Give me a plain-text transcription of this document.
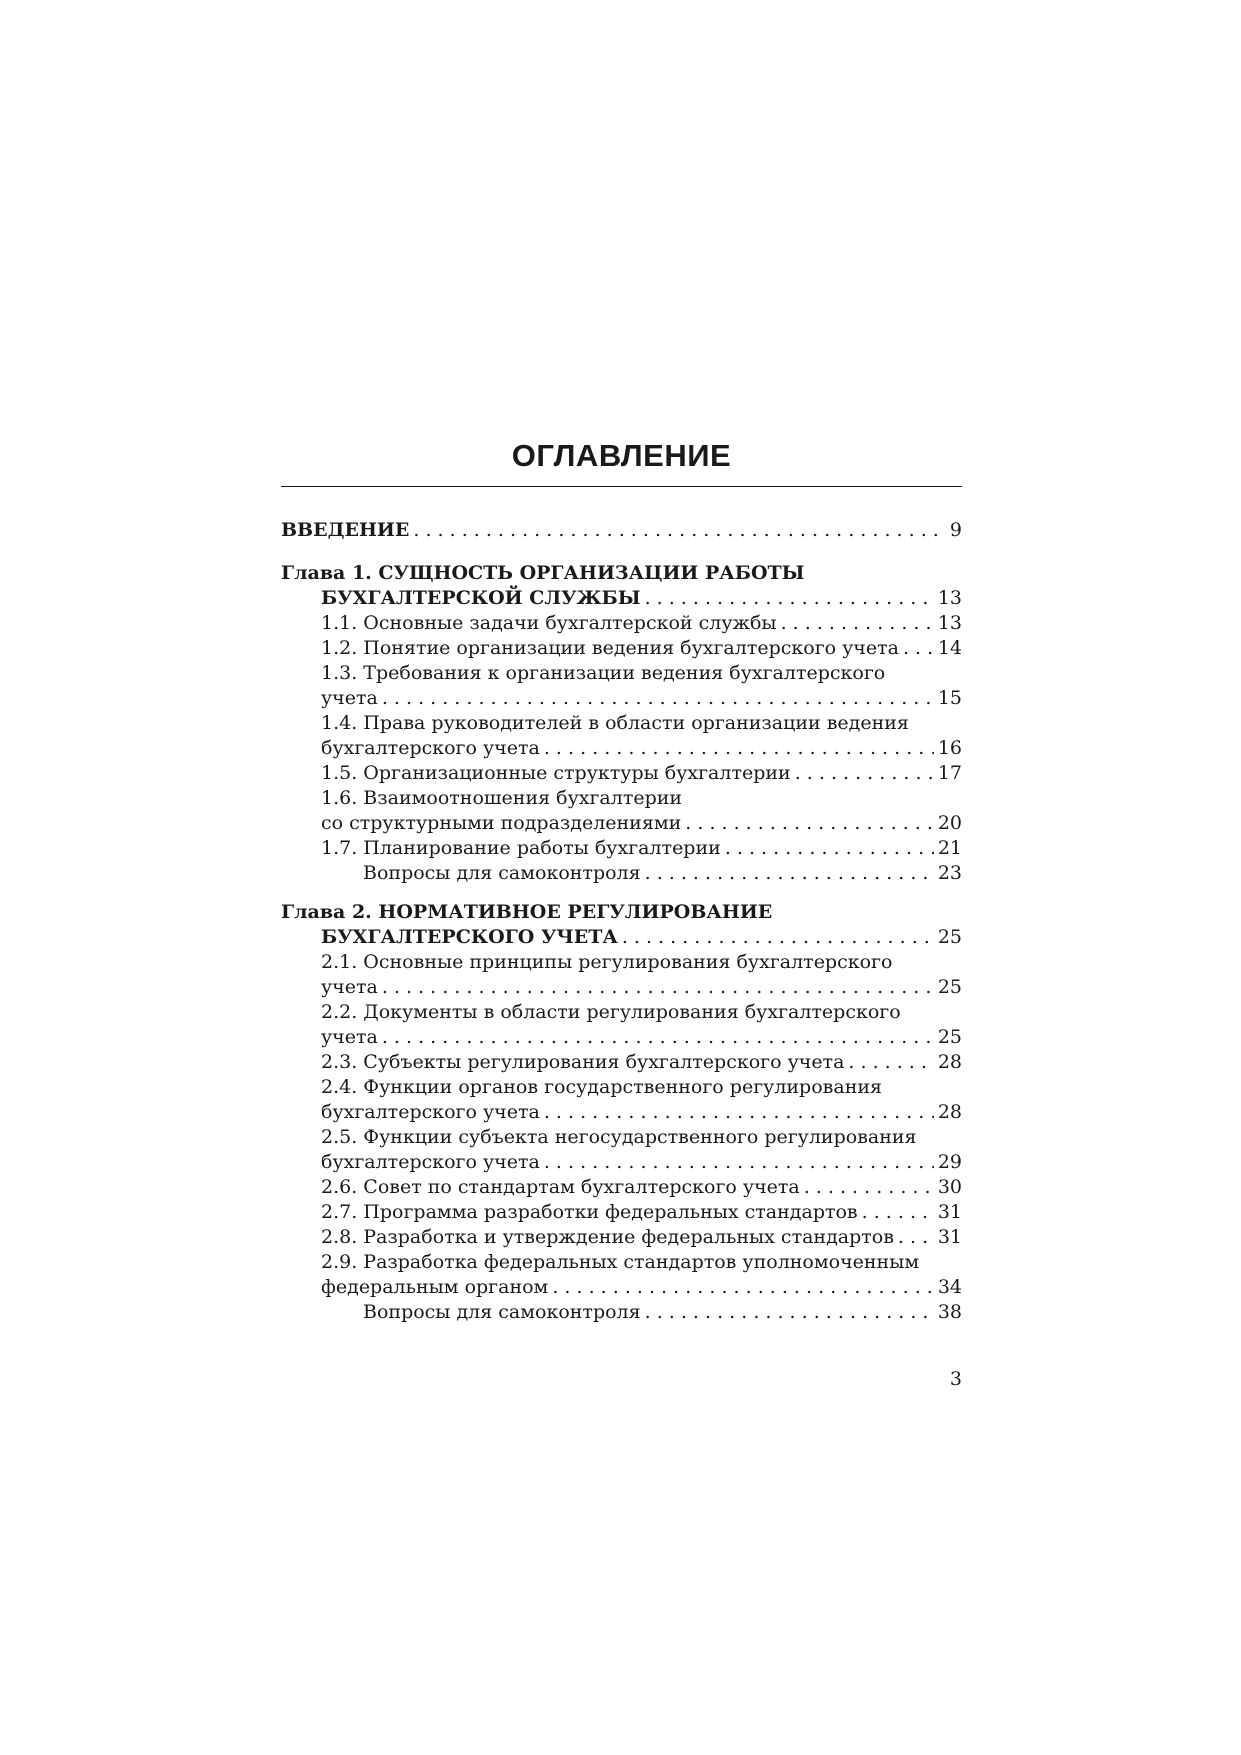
ОГЛАВЛЕНИЕ
ВВЕДЕНИЕ . . .	9
Глава 1. СУЩНОСТЬ ОРГАНИЗАЦИИ РАБОТЫ
БУХГАЛТЕРСКОЙ СЛУЖБЫ . . .	13
1.1. Основные задачи бухгалтерской службы . . .	13
1.2. Понятие организации ведения бухгалтерского учета . . . 14
1.3. Требования к организации ведения бухгалтерского
учета . . .	15
1.4. Права руководителей в области организации ведения
бухгалтерского учета . . .	16
1.5. Организационные структуры бухгалтерии . . .	17
1.6. Взаимоотношения бухгалтерии
со структурными подразделениями . . .	20
1.7. Планирование работы бухгалтерии . . .	21
Вопросы для самоконтроля . . .	23
Глава 2. НОРМАТИВНОЕ РЕГУЛИРОВАНИЕ
БУХГАЛТЕРСКОГО УЧЕТА . . .	25
2.1. Основные принципы регулирования бухгалтерского
учета . . .	25
2.2. Документы в области регулирования бухгалтерского
учета . . .	25
2.3. Субъекты регулирования бухгалтерского учета . . .	28
2.4. Функции органов государственного регулирования
бухгалтерского учета . . .	28
2.5. Функции субъекта негосударственного регулирования
бухгалтерского учета . . .	29
2.6. Совет по стандартам бухгалтерского учета . . .	30
2.7. Программа разработки федеральных стандартов . . .	31
2.8. Разработка и утверждение федеральных стандартов . . . 31
2.9. Разработка федеральных стандартов уполномоченным
федеральным органом . . .	34
Вопросы для самоконтроля . . .	38
3
